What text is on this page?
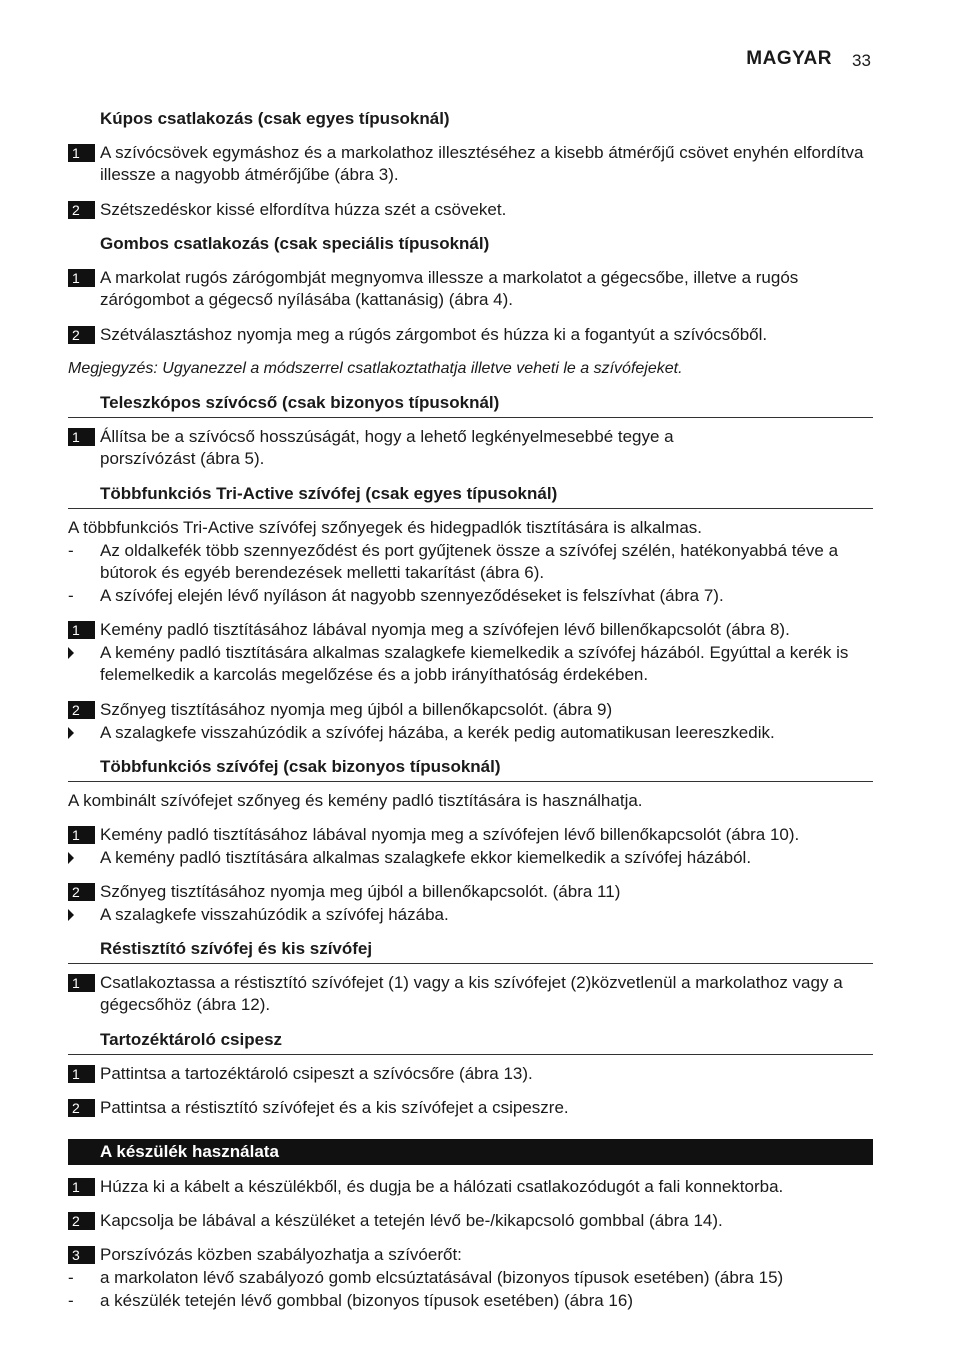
MAGYAR 33
Kúpos csatlakozás (csak egyes típusoknál)
1	A szívócsövek egymáshoz és a markolathoz illesztéséhez a kisebb átmérőjű csövet enyhén elfordítva illessze a nagyobb átmérőjűbe (ábra 3).
2	Szétszedéskor kissé elfordítva húzza szét a csöveket.
Gombos csatlakozás (csak speciális típusoknál)
1	A markolat rugós zárógombját megnyomva illessze a markolatot a gégecsőbe, illetve a rugós zárógombot a gégecső nyílásába (kattanásig) (ábra 4).
2	Szétválasztáshoz nyomja meg a rúgós zárgombot és húzza ki a fogantyút a szívócsőből.
Megjegyzés: Ugyanezzel a módszerrel csatlakoztathatja illetve veheti le a szívófejeket.
Teleszkópos szívócső (csak bizonyos típusoknál)
1	Állítsa be a szívócső hosszúságát, hogy a lehető legkényelmesebbé tegye a porszívózást (ábra 5).
Többfunkciós Tri-Active szívófej (csak egyes típusoknál)
A többfunkciós Tri-Active szívófej szőnyegek és hidegpadlók tisztítására is alkalmas.
- Az oldalkefék több szennyeződést és port gyűjtenek össze a szívófej szélén, hatékonyabbá téve a bútorok és egyéb berendezések melletti takarítást (ábra 6).
- A szívófej elején lévő nyíláson át nagyobb szennyeződéseket is felszívhat (ábra 7).
1	Kemény padló tisztításához lábával nyomja meg a szívófejen lévő billenőkapcsolót (ábra 8).
A kemény padló tisztítására alkalmas szalagkefe kiemelkedik a szívófej házából. Egyúttal a kerék is felemelkedik a karcolás megelőzése és a jobb irányíthatóság érdekében.
2	Szőnyeg tisztításához nyomja meg újból a billenőkapcsolót. (ábra 9)
A szalagkefe visszahúzódik a szívófej házába, a kerék pedig automatikusan leereszkedik.
Többfunkciós szívófej (csak bizonyos típusoknál)
A kombinált szívófejet szőnyeg és kemény padló tisztítására is használhatja.
1	Kemény padló tisztításához lábával nyomja meg a szívófejen lévő billenőkapcsolót (ábra 10).
A kemény padló tisztítására alkalmas szalagkefe ekkor kiemelkedik a szívófej házából.
2	Szőnyeg tisztításához nyomja meg újból a billenőkapcsolót. (ábra 11)
A szalagkefe visszahúzódik a szívófej házába.
Réstisztító szívófej és kis szívófej
1	Csatlakoztassa a réstisztító szívófejet (1) vagy a kis szívófejet (2)közvetlenül a markolathoz vagy a gégecsőhöz (ábra 12).
Tartozéktároló csipesz
1	Pattintsa a tartozéktároló csipeszt a szívócsőre (ábra 13).
2	Pattintsa a réstisztító szívófejet és a kis szívófejet a csipeszre.
A készülék használata
1	Húzza ki a kábelt a készülékből, és dugja be a hálózati csatlakozódugót a fali konnektorba.
2	Kapcsolja be lábával a készüléket a tetején lévő be-/kikapcsoló gombbal (ábra 14).
3	Porszívózás közben szabályozhatja a szívóerőt:
- a markolaton lévő szabályozó gomb elcsúztatásával (bizonyos típusok esetében) (ábra 15)
- a készülék tetején lévő gombbal (bizonyos típusok esetében) (ábra 16)
